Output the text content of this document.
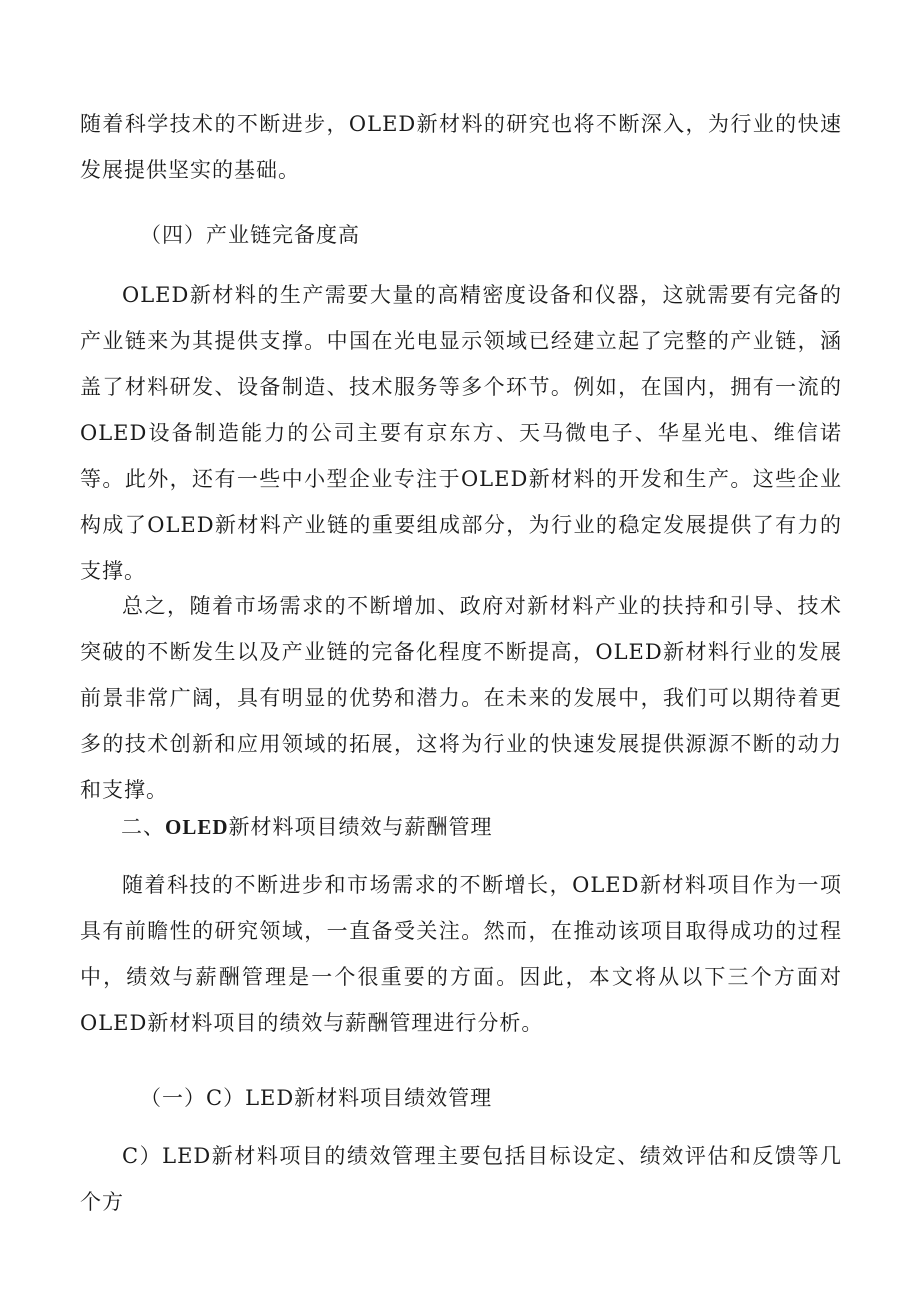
随着科学技术的不断进步，OLED新材料的研究也将不断深入，为行业的快速发展提供坚实的基础。

（四）产业链完备度高

OLED新材料的生产需要大量的高精密度设备和仪器，这就需要有完备的产业链来为其提供支撑。中国在光电显示领域已经建立起了完整的产业链，涵盖了材料研发、设备制造、技术服务等多个环节。例如，在国内，拥有一流的OLED设备制造能力的公司主要有京东方、天马微电子、华星光电、维信诺等。此外，还有一些中小型企业专注于OLED新材料的开发和生产。这些企业构成了OLED新材料产业链的重要组成部分，为行业的稳定发展提供了有力的支撑。

总之，随着市场需求的不断增加、政府对新材料产业的扶持和引导、技术突破的不断发生以及产业链的完备化程度不断提高，OLED新材料行业的发展前景非常广阔，具有明显的优势和潜力。在未来的发展中，我们可以期待着更多的技术创新和应用领域的拓展，这将为行业的快速发展提供源源不断的动力和支撑。

二、OLED新材料项目绩效与薪酬管理

随着科技的不断进步和市场需求的不断增长，OLED新材料项目作为一项具有前瞻性的研究领域，一直备受关注。然而，在推动该项目取得成功的过程中，绩效与薪酬管理是一个很重要的方面。因此，本文将从以下三个方面对OLED新材料项目的绩效与薪酬管理进行分析。

（一）C）LED新材料项目绩效管理

C）LED新材料项目的绩效管理主要包括目标设定、绩效评估和反馈等几个方
